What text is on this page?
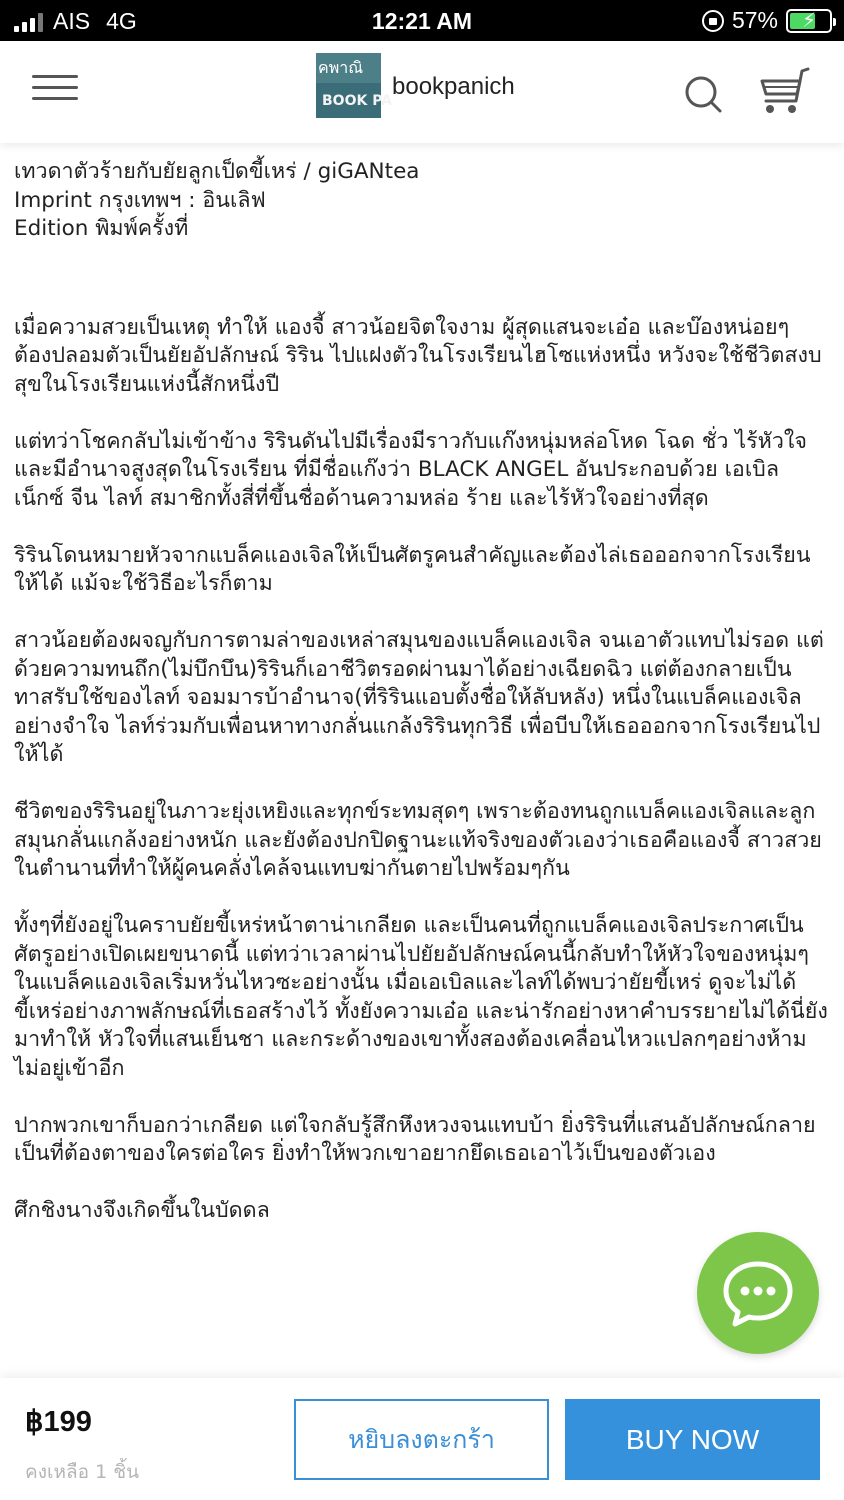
AIS 4G	12:21 AM	57% ⚡
คพาณิ
BOOK PA
bookpanich
เทวดาตัวร้ายกับยัยลูกเป็ดขี้เหร่ / giGANtea
Imprint กรุงเทพฯ : อินเลิฟ
Edition พิมพ์ครั้งที่

เมื่อความสวยเป็นเหตุ ทำให้ แองจี้ สาวน้อยจิตใจงาม ผู้สุดแสนจะเอ๋อ และบ๊องหน่อยๆ ต้องปลอมตัวเป็นยัยอัปลักษณ์ ริริน ไปแฝงตัวในโรงเรียนไฮโซแห่งหนึ่ง หวังจะใช้ชีวิตสงบสุขในโรงเรียนแห่งนี้สักหนึ่งปี

แต่ทว่าโชคกลับไม่เข้าข้าง ริรินดันไปมีเรื่องมีราวกับแก๊งหนุ่มหล่อโหด โฉด ชั่ว ไร้หัวใจ และมีอำนาจสูงสุดในโรงเรียน ที่มีชื่อแก๊งว่า BLACK ANGEL อันประกอบด้วย เอเบิล เน็กซ์ จีน ไลท์ สมาชิกทั้งสี่ที่ขึ้นชื่อด้านความหล่อ ร้าย และไร้หัวใจอย่างที่สุด

ริรินโดนหมายหัวจากแบล็คแองเจิลให้เป็นศัตรูคนสำคัญและต้องไล่เธอออกจากโรงเรียนให้ได้ แม้จะใช้วิธีอะไรก็ตาม

สาวน้อยต้องผจญกับการตามล่าของเหล่าสมุนของแบล็คแองเจิล จนเอาตัวแทบไม่รอด แต่ด้วยความทนถึก(ไม่บึกบึน)ริรินก็เอาชีวิตรอดผ่านมาได้อย่างเฉียดฉิว แต่ต้องกลายเป็นทาสรับใช้ของไลท์ จอมมารบ้าอำนาจ(ที่ริรินแอบตั้งชื่อให้ลับหลัง) หนึ่งในแบล็คแองเจิล อย่างจำใจ ไลท์ร่วมกับเพื่อนหาทางกลั่นแกล้งริรินทุกวิธี เพื่อบีบให้เธอออกจากโรงเรียนไปให้ได้

ชีวิตของริรินอยู่ในภาวะยุ่งเหยิงและทุกข์ระทมสุดๆ เพราะต้องทนถูกแบล็คแองเจิลและลูกสมุนกลั่นแกล้งอย่างหนัก และยังต้องปกปิดฐานะแท้จริงของตัวเองว่าเธอคือแองจี้ สาวสวยในตำนานที่ทำให้ผู้คนคลั่งไคล้จนแทบฆ่ากันตายไปพร้อมๆกัน

ทั้งๆที่ยังอยู่ในคราบยัยขี้เหร่หน้าตาน่าเกลียด และเป็นคนที่ถูกแบล็คแองเจิลประกาศเป็นศัตรูอย่างเปิดเผยขนาดนี้ แต่ทว่าเวลาผ่านไปยัยอัปลักษณ์คนนี้กลับทำให้หัวใจของหนุ่มๆในแบล็คแองเจิลเริ่มหวั่นไหวซะอย่างนั้น เมื่อเอเบิลและไลท์ได้พบว่ายัยขี้เหร่ ดูจะไม่ได้ขี้เหร่อย่างภาพลักษณ์ที่เธอสร้างไว้ ทั้งยังความเอ๋อ และน่ารักอย่างหาคำบรรยายไม่ได้นี่ยังมาทำให้ หัวใจที่แสนเย็นชา และกระด้างของเขาทั้งสองต้องเคลื่อนไหวแปลกๆอย่างห้ามไม่อยู่เข้าอีก

ปากพวกเขาก็บอกว่าเกลียด แต่ใจกลับรู้สึกหึงหวงจนแทบบ้า ยิ่งริรินที่แสนอัปลักษณ์กลายเป็นที่ต้องตาของใครต่อใคร ยิ่งทำให้พวกเขาอยากยึดเธอเอาไว้เป็นของตัวเอง

ศึกชิงนางจึงเกิดขึ้นในบัดดล

฿199
คงเหลือ 1 ชิ้น
หยิบลงตะกร้า	BUY NOW
